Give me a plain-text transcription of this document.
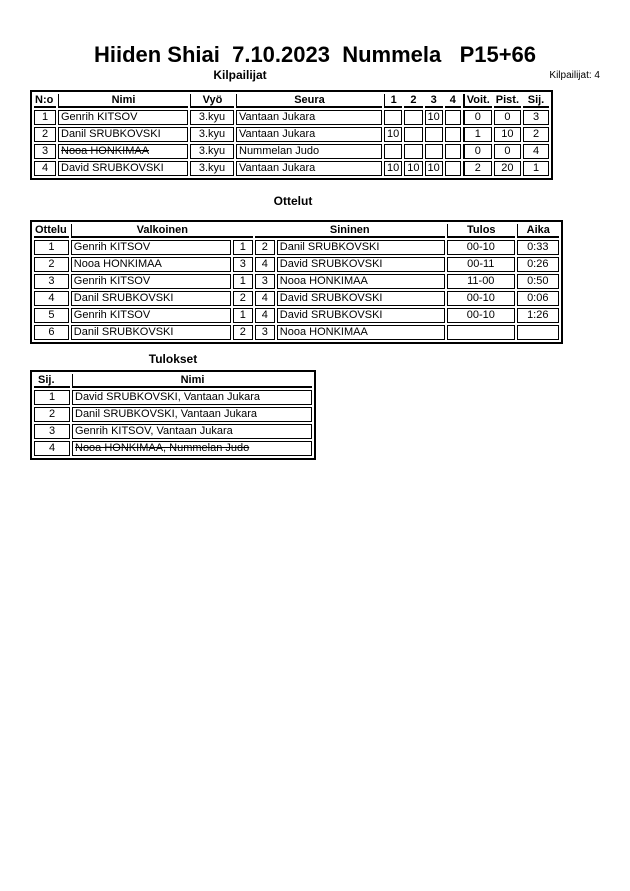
Hiiden Shiai  7.10.2023  Nummela   P15+66
Kilpailijat	Kilpailijat: 4
N:o	Nimi	Vyö	Seura	1	2	3	4	Voit.	Pist.	Sij.
1	Genrih KITSOV	3.kyu	Vantaan Jukara			10		0	0	3
2	Danil SRUBKOVSKI	3.kyu	Vantaan Jukara	10				1	10	2
3	Nooa HONKIMAA	3.kyu	Nummelan Judo					0	0	4
4	David SRUBKOVSKI	3.kyu	Vantaan Jukara	10	10	10		2	20	1
Ottelut
Ottelu	Valkoinen		Sininen		Tulos	Aika
1	Genrih KITSOV	1	2	Danil SRUBKOVSKI	00-10	0:33
2	Nooa HONKIMAA	3	4	David SRUBKOVSKI	00-11	0:26
3	Genrih KITSOV	1	3	Nooa HONKIMAA	11-00	0:50
4	Danil SRUBKOVSKI	2	4	David SRUBKOVSKI	00-10	0:06
5	Genrih KITSOV	1	4	David SRUBKOVSKI	00-10	1:26
6	Danil SRUBKOVSKI	2	3	Nooa HONKIMAA		
Tulokset
Sij.	Nimi
1	David SRUBKOVSKI, Vantaan Jukara
2	Danil SRUBKOVSKI, Vantaan Jukara
3	Genrih KITSOV, Vantaan Jukara
4	Nooa HONKIMAA, Nummelan Judo
